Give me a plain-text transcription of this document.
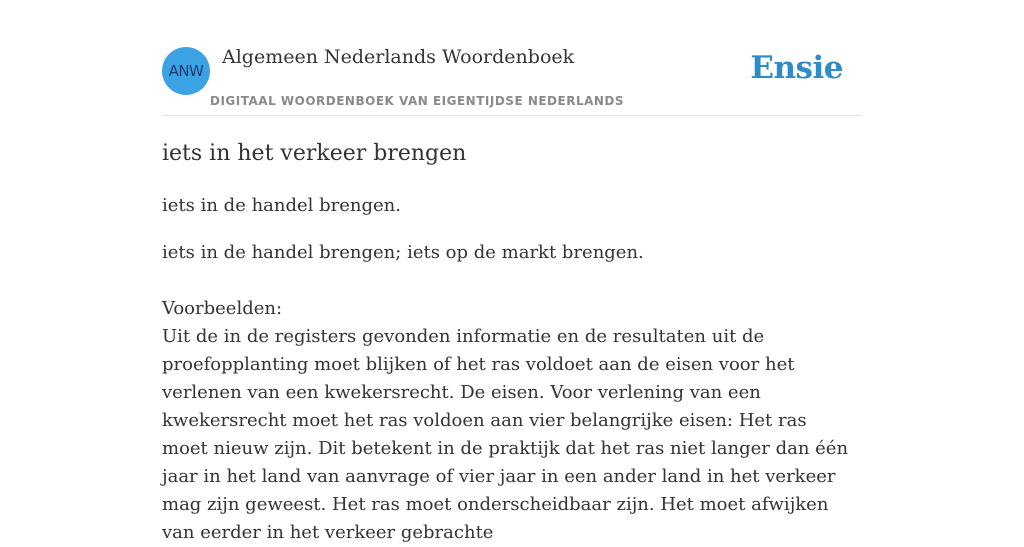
ANW
Algemeen Nederlands Woordenboek
DIGITAAL WOORDENBOEK VAN EIGENTIJDSE NEDERLANDS
Ensie
iets in het verkeer brengen

iets in de handel brengen.

iets in de handel brengen; iets op de markt brengen.

Voorbeelden:

Uit de in de registers gevonden informatie en de resultaten uit de proefopplanting moet blijken of het ras voldoet aan de eisen voor het verlenen van een kwekersrecht. De eisen. Voor verlening van een kwekersrecht moet het ras voldoen aan vier belangrijke eisen: Het ras moet nieuw zijn. Dit betekent in de praktijk dat het ras niet langer dan één jaar in het land van aanvrage of vier jaar in een ander land in het verkeer mag zijn geweest. Het ras moet onderscheidbaar zijn. Het moet afwijken van eerder in het verkeer gebrachte
